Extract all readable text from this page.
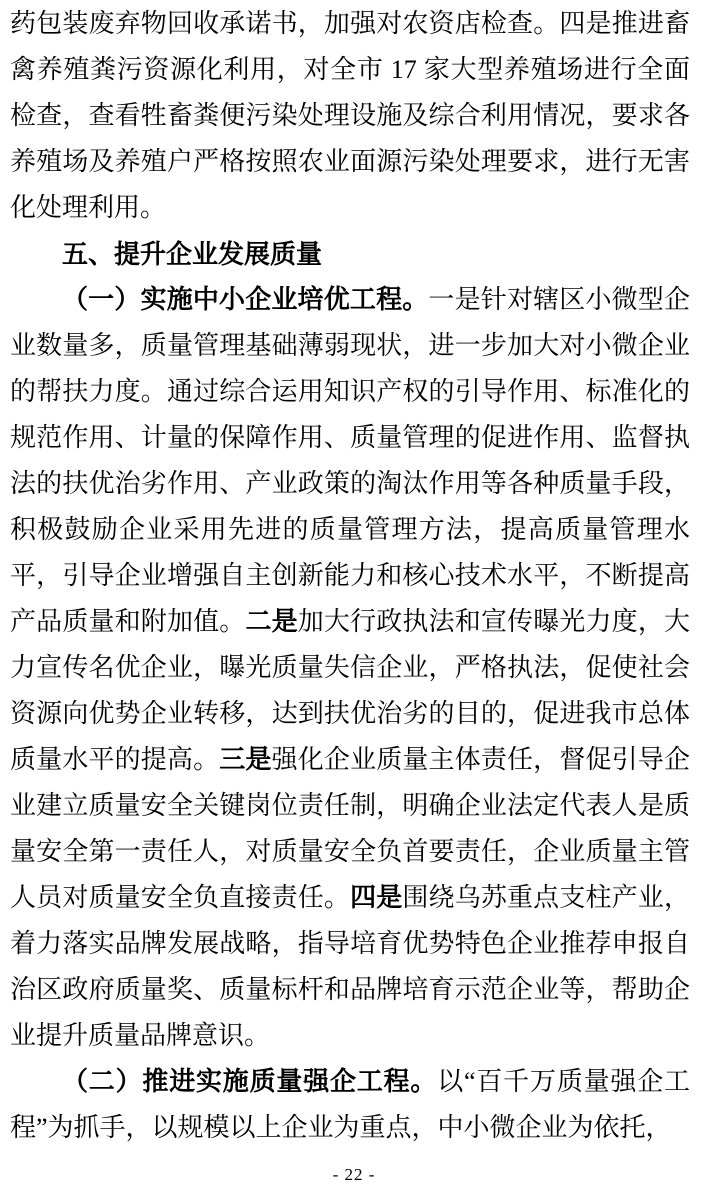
药包装废弃物回收承诺书，加强对农资店检查。四是推进畜禽养殖粪污资源化利用，对全市 17 家大型养殖场进行全面检查，查看牲畜粪便污染处理设施及综合利用情况，要求各养殖场及养殖户严格按照农业面源污染处理要求，进行无害化处理利用。

五、提升企业发展质量

（一）实施中小企业培优工程。一是针对辖区小微型企业数量多，质量管理基础薄弱现状，进一步加大对小微企业的帮扶力度。通过综合运用知识产权的引导作用、标准化的规范作用、计量的保障作用、质量管理的促进作用、监督执法的扶优治劣作用、产业政策的淘汰作用等各种质量手段，积极鼓励企业采用先进的质量管理方法，提高质量管理水平，引导企业增强自主创新能力和核心技术水平，不断提高产品质量和附加值。二是加大行政执法和宣传曝光力度，大力宣传名优企业，曝光质量失信企业，严格执法，促使社会资源向优势企业转移，达到扶优治劣的目的，促进我市总体质量水平的提高。三是强化企业质量主体责任，督促引导企业建立质量安全关键岗位责任制，明确企业法定代表人是质量安全第一责任人，对质量安全负首要责任，企业质量主管人员对质量安全负直接责任。四是围绕乌苏重点支柱产业，着力落实品牌发展战略，指导培育优势特色企业推荐申报自治区政府质量奖、质量标杆和品牌培育示范企业等，帮助企业提升质量品牌意识。

（二）推进实施质量强企工程。以“百千万质量强企工程”为抓手，以规模以上企业为重点，中小微企业为依托，

- 22 -
